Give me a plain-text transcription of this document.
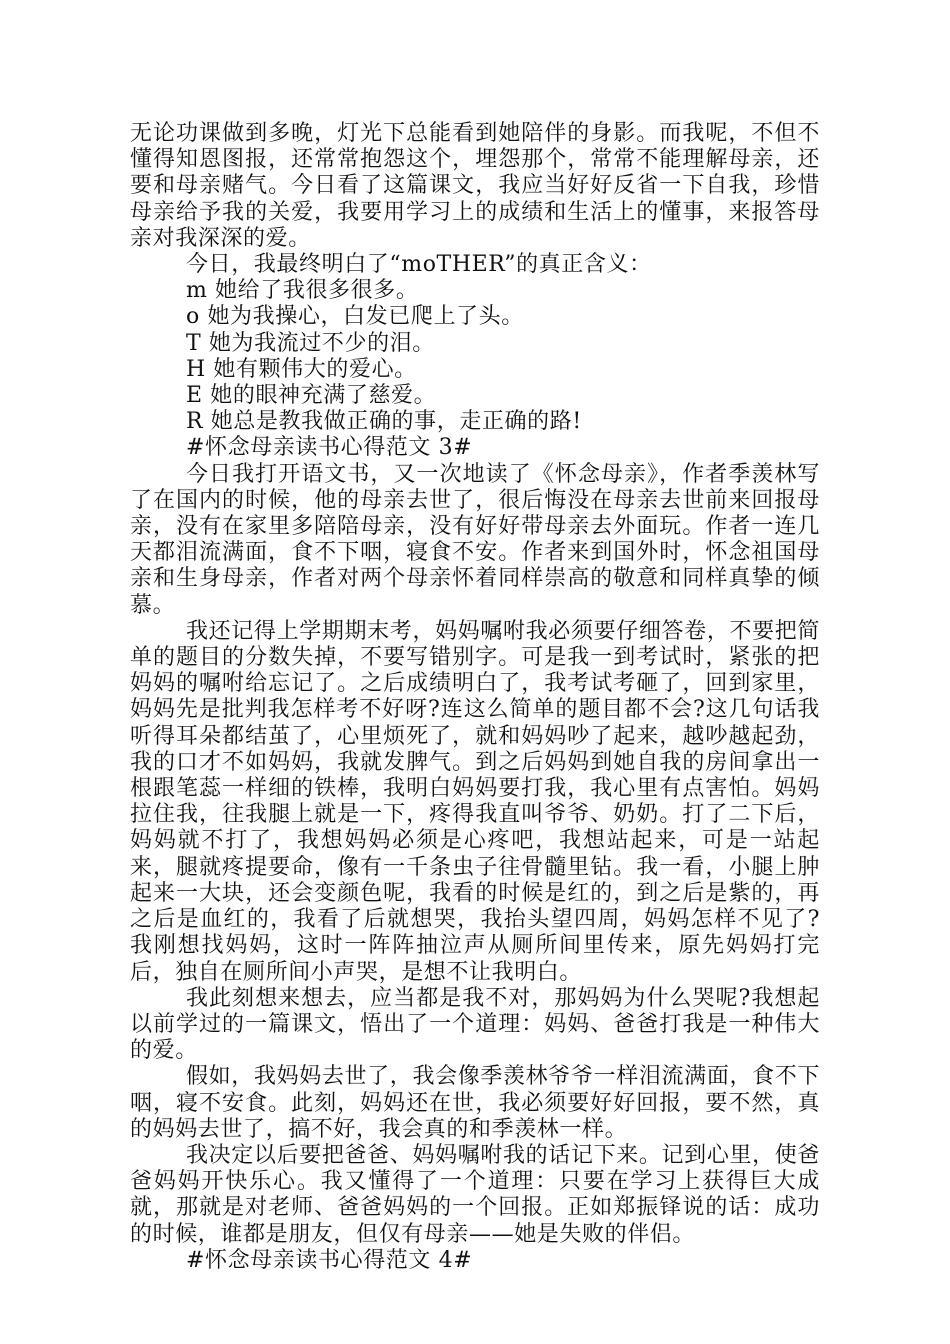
无论功课做到多晚，灯光下总能看到她陪伴的身影。而我呢，不但不懂得知恩图报，还常常抱怨这个，埋怨那个，常常不能理解母亲，还要和母亲赌气。今日看了这篇课文，我应当好好反省一下自我，珍惜母亲给予我的关爱，我要用学习上的成绩和生活上的懂事，来报答母亲对我深深的爱。

今日，我最终明白了“moTHER”的真正含义：

m 她给了我很多很多。

o 她为我操心，白发已爬上了头。

T 她为我流过不少的泪。

H 她有颗伟大的爱心。

E 她的眼神充满了慈爱。

R 她总是教我做正确的事，走正确的路!

#怀念母亲读书心得范文 3#

今日我打开语文书，又一次地读了《怀念母亲》，作者季羡林写了在国内的时候，他的母亲去世了，很后悔没在母亲去世前来回报母亲，没有在家里多陪陪母亲，没有好好带母亲去外面玩。作者一连几天都泪流满面，食不下咽，寝食不安。作者来到国外时，怀念祖国母亲和生身母亲，作者对两个母亲怀着同样崇高的敬意和同样真挚的倾慕。

我还记得上学期期末考，妈妈嘱咐我必须要仔细答卷，不要把简单的题目的分数失掉，不要写错别字。可是我一到考试时，紧张的把妈妈的嘱咐给忘记了。之后成绩明白了，我考试考砸了，回到家里，妈妈先是批判我怎样考不好呀?连这么简单的题目都不会?这几句话我听得耳朵都结茧了，心里烦死了，就和妈妈吵了起来，越吵越起劲，我的口才不如妈妈，我就发脾气。到之后妈妈到她自我的房间拿出一根跟笔蕊一样细的铁棒，我明白妈妈要打我，我心里有点害怕。妈妈拉住我，往我腿上就是一下，疼得我直叫爷爷、奶奶。打了二下后，妈妈就不打了，我想妈妈必须是心疼吧，我想站起来，可是一站起来，腿就疼提要命，像有一千条虫子往骨髓里钻。我一看，小腿上肿起来一大块，还会变颜色呢，我看的时候是红的，到之后是紫的，再之后是血红的，我看了后就想哭，我抬头望四周，妈妈怎样不见了?我刚想找妈妈，这时一阵阵抽泣声从厕所间里传来，原先妈妈打完后，独自在厕所间小声哭，是想不让我明白。

我此刻想来想去，应当都是我不对，那妈妈为什么哭呢?我想起以前学过的一篇课文，悟出了一个道理：妈妈、爸爸打我是一种伟大的爱。

假如，我妈妈去世了，我会像季羡林爷爷一样泪流满面，食不下咽，寝不安食。此刻，妈妈还在世，我必须要好好回报，要不然，真的妈妈去世了，搞不好，我会真的和季羡林一样。

我决定以后要把爸爸、妈妈嘱咐我的话记下来。记到心里，使爸爸妈妈开快乐心。我又懂得了一个道理：只要在学习上获得巨大成就，那就是对老师、爸爸妈妈的一个回报。正如郑振铎说的话：成功的时候，谁都是朋友，但仅有母亲——她是失败的伴侣。

#怀念母亲读书心得范文 4#
